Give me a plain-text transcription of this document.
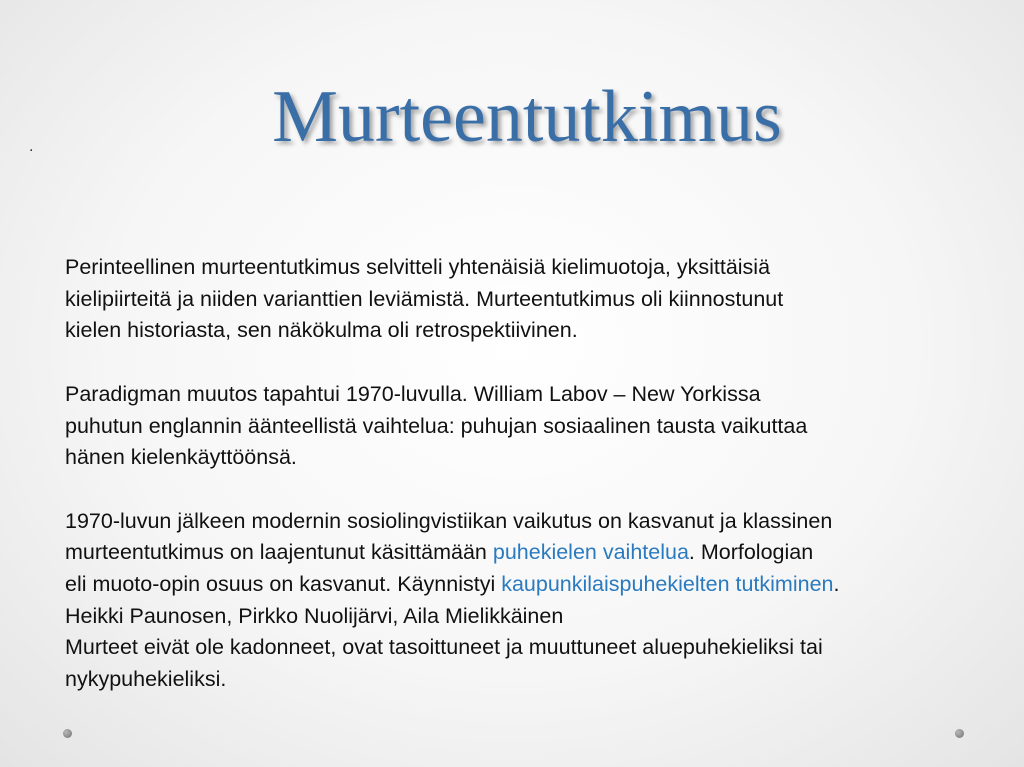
.	Murteentutkimus

Perinteellinen murteentutkimus selvitteli yhtenäisiä kielimuotoja, yksittäisiä
kielipiirteitä ja niiden varianttien leviämistä. Murteentutkimus oli kiinnostunut
kielen historiasta, sen näkökulma oli retrospektiivinen.

Paradigman muutos tapahtui 1970-luvulla. William Labov – New Yorkissa
puhutun englannin äänteellistä vaihtelua: puhujan sosiaalinen tausta vaikuttaa
hänen kielenkäyttöönsä.

1970-luvun jälkeen modernin sosiolingvistiikan vaikutus on kasvanut ja klassinen
murteentutkimus on laajentunut käsittämään puhekielen vaihtelua. Morfologian
eli muoto-opin osuus on kasvanut. Käynnistyi kaupunkilaispuhekielten tutkiminen.
Heikki Paunosen, Pirkko Nuolijärvi, Aila Mielikkäinen
Murteet eivät ole kadonneet, ovat tasoittuneet ja muuttuneet aluepuhekieliksi tai
nykypuhekieliksi.
